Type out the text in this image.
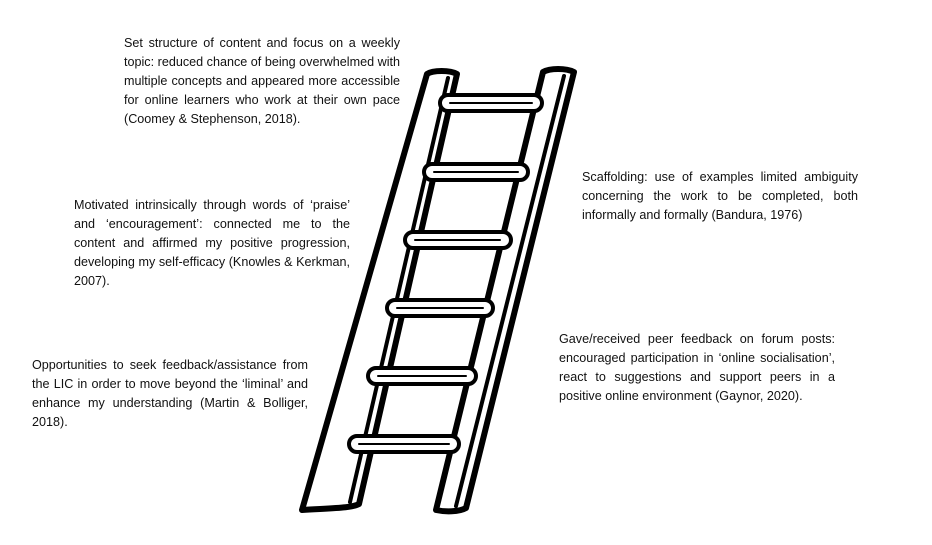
Set structure of content and focus on a weekly topic: reduced chance of being overwhelmed with multiple concepts and appeared more accessible for online learners who work at their own pace (Coomey & Stephenson, 2018).

Motivated intrinsically through words of ‘praise’ and ‘encouragement’: connected me to the content and affirmed my positive progression, developing my self-efficacy (Knowles & Kerkman, 2007).

Opportunities to seek feedback/assistance from the LIC in order to move beyond the ‘liminal’ and enhance my understanding (Martin & Bolliger, 2018).

Scaffolding: use of examples limited ambiguity concerning the work to be completed, both informally and formally (Bandura, 1976)

Gave/received peer feedback on forum posts: encouraged participation in ‘online socialisation’, react to suggestions and support peers in a positive online environment (Gaynor, 2020).
